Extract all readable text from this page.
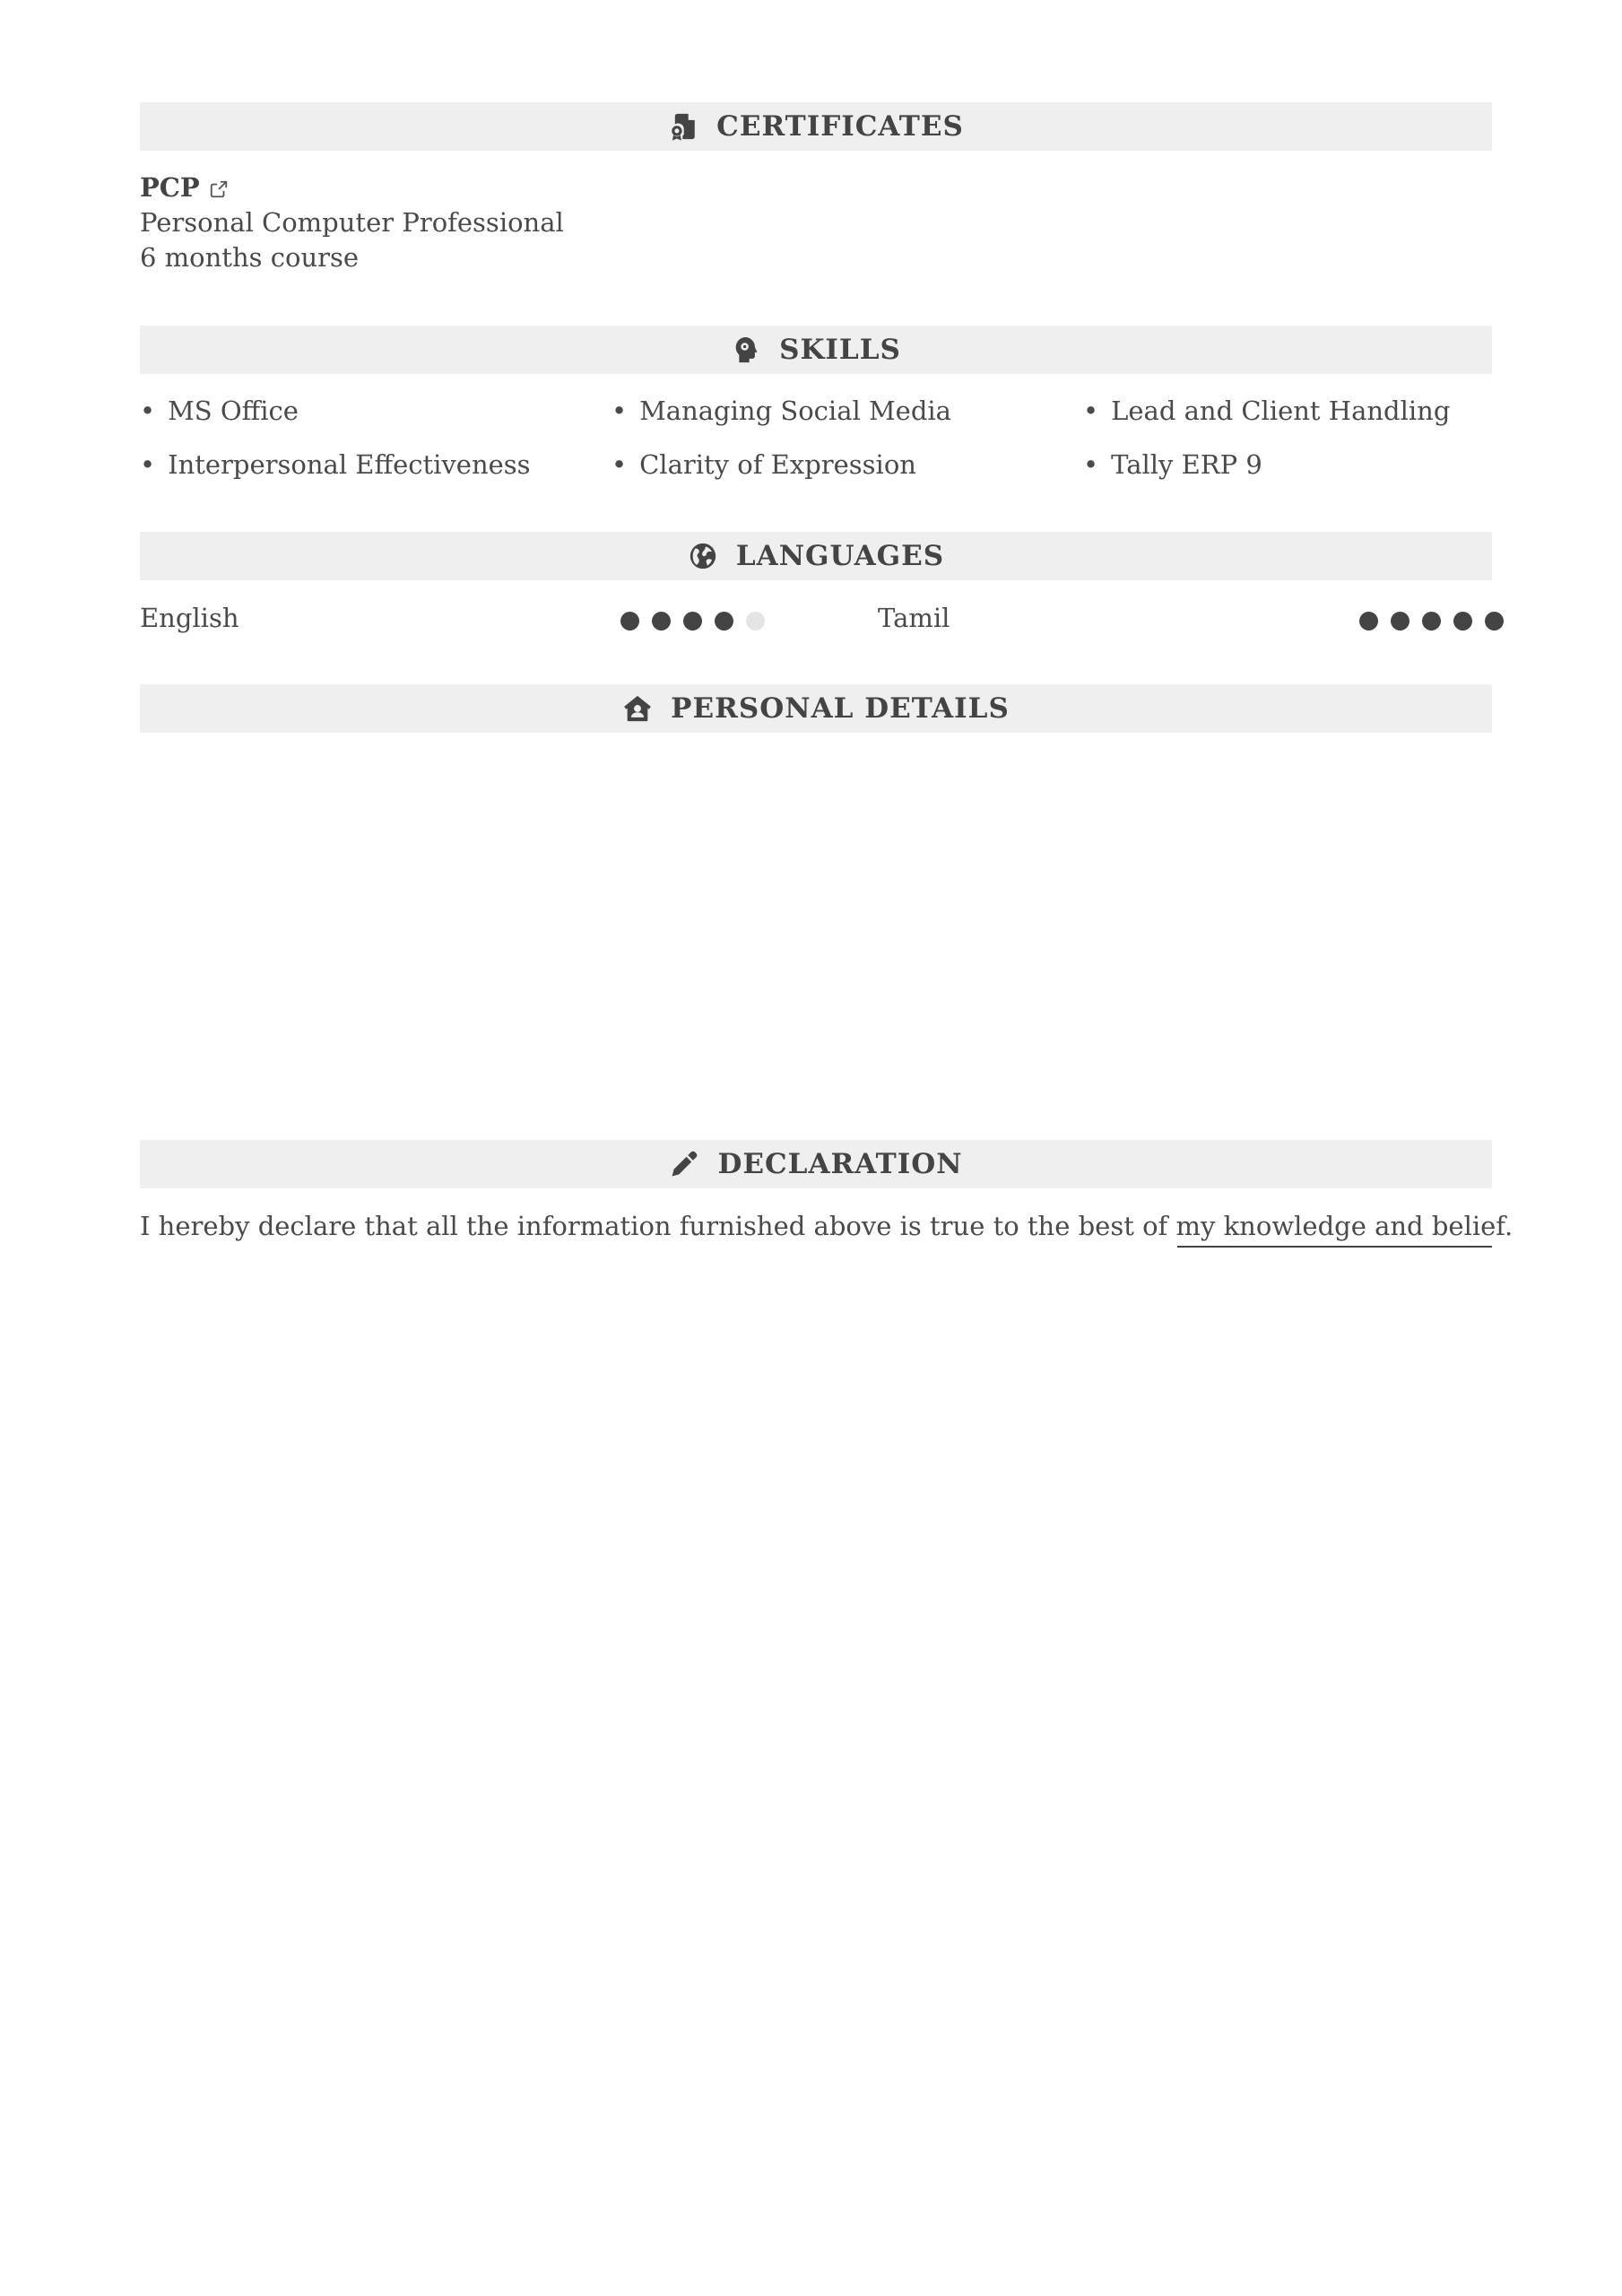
CERTIFICATES
PCP
Personal Computer Professional
6 months course
SKILLS
• MS Office	• Managing Social Media	• Lead and Client Handling
• Interpersonal Effectiveness	• Clarity of Expression	• Tally ERP 9
LANGUAGES
English	Tamil
PERSONAL DETAILS
DECLARATION
I hereby declare that all the information furnished above is true to the best of my knowledge and belief.
